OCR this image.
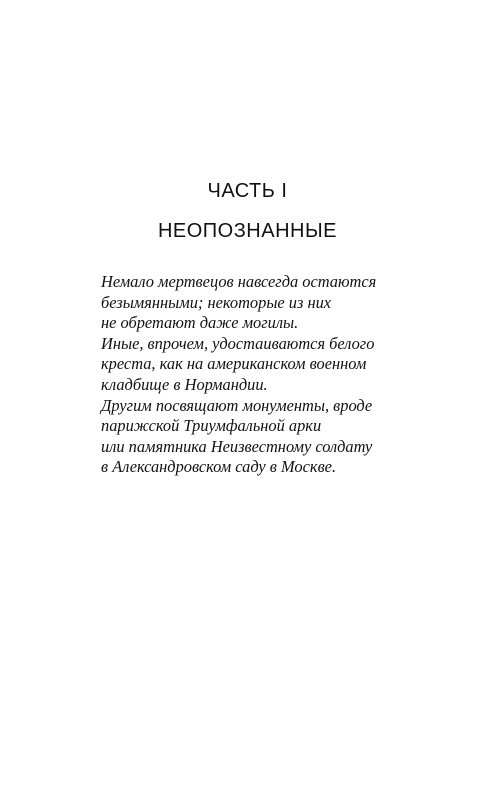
ЧАСТЬ I
НЕОПОЗНАННЫЕ
Немало мертвецов навсегда остаются
безымянными; некоторые из них
не обретают даже могилы.
Иные, впрочем, удостаиваются белого
креста, как на американском военном
кладбище в Нормандии.
Другим посвящают монументы, вроде
парижской Триумфальной арки
или памятника Неизвестному солдату
в Александровском саду в Москве.
